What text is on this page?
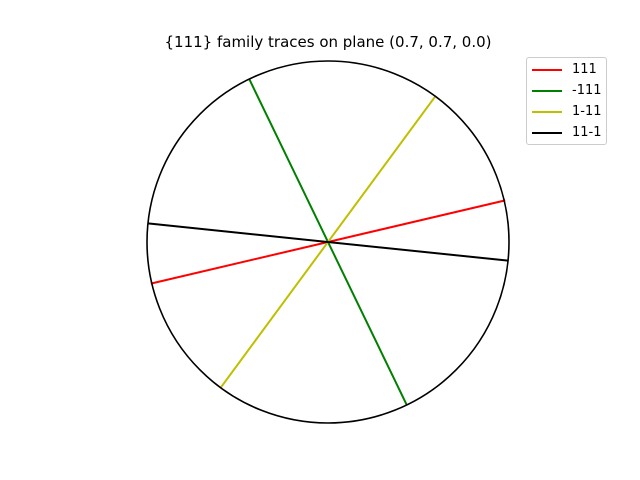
{111} family traces on plane (0.7, 0.7, 0.0)
111
-111
1-11
11-1
